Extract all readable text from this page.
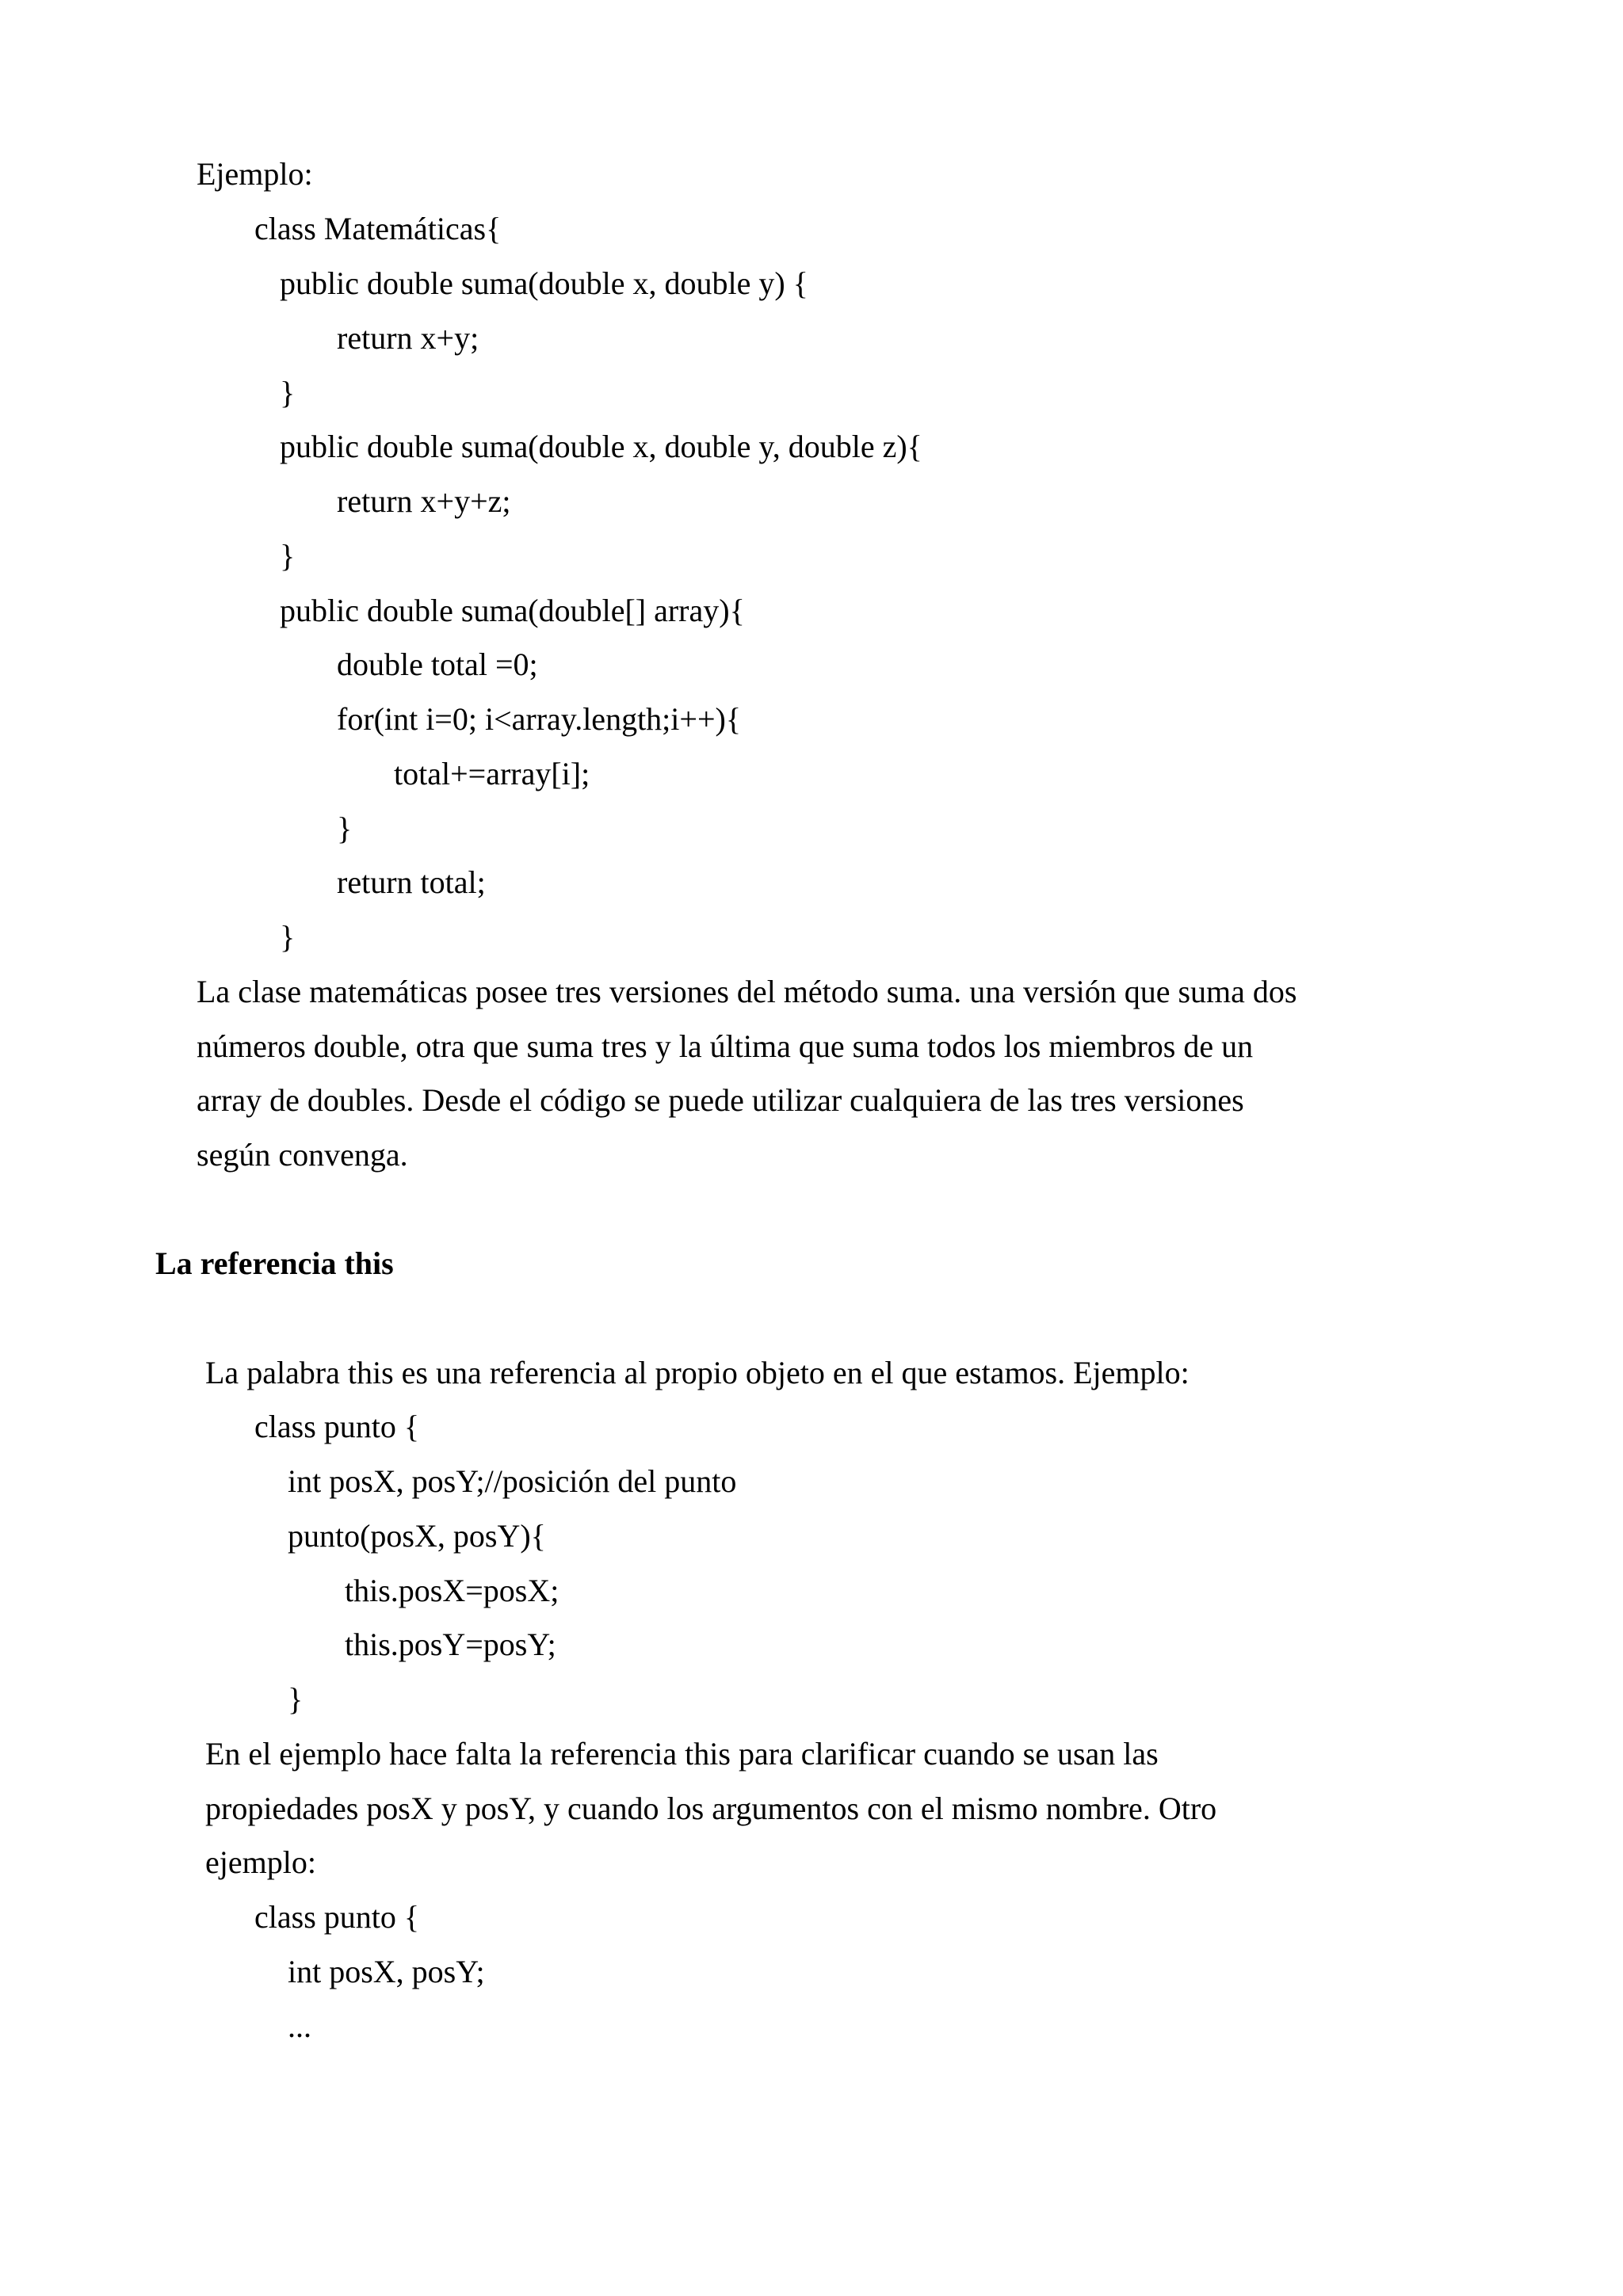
Ejemplo:

class Matemáticas{

public double suma(double x, double y) {

return x+y;

}

public double suma(double x, double y, double z){

return x+y+z;

}

public double suma(double[] array){

double total =0;

for(int i=0; i<array.length;i++){

total+=array[i];

}

return total;

}

La clase matemáticas posee tres versiones del método suma. una versión que suma dos

números double, otra que suma tres y la última que suma todos los miembros de un

array de doubles. Desde el código se puede utilizar cualquiera de las tres versiones

según convenga.

La referencia this

La palabra this es una referencia al propio objeto en el que estamos. Ejemplo:

class punto {

int posX, posY;//posición del punto

punto(posX, posY){

this.posX=posX;

this.posY=posY;

}

En el ejemplo hace falta la referencia this para clarificar cuando se usan las

propiedades posX y posY, y cuando los argumentos con el mismo nombre. Otro

ejemplo:

class punto {

int posX, posY;

...
